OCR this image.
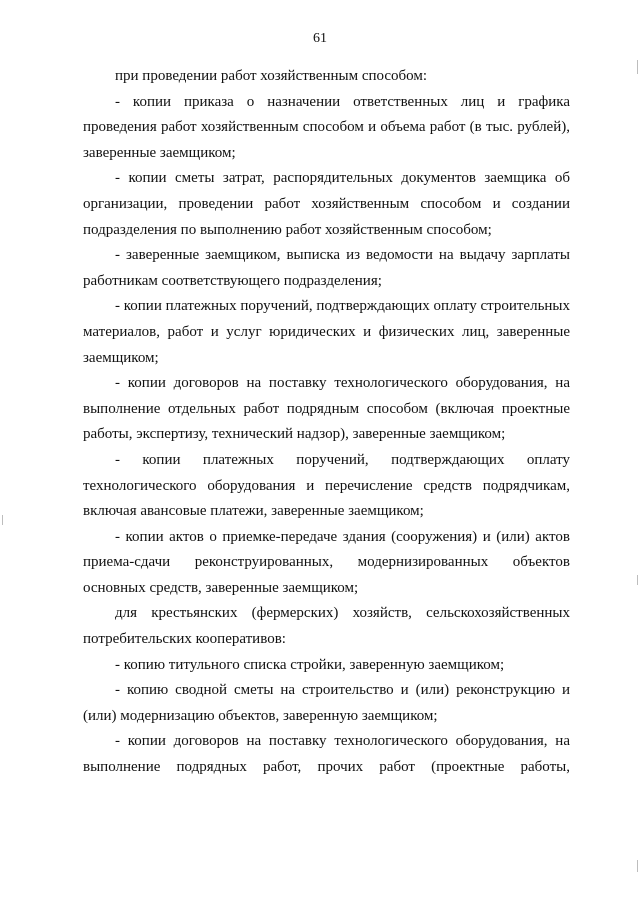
61

при проведении работ хозяйственным способом:

- копии приказа о назначении ответственных лиц и графика проведения работ хозяйственным способом и объема работ (в тыс. рублей), заверенные заемщиком;

- копии сметы затрат, распорядительных документов заемщика об организации, проведении работ хозяйственным способом и создании подразделения по выполнению работ хозяйственным способом;

- заверенные заемщиком, выписка из ведомости на выдачу зарплаты работникам соответствующего подразделения;

- копии платежных поручений, подтверждающих оплату строительных материалов, работ и услуг юридических и физических лиц, заверенные заемщиком;

- копии договоров на поставку технологического оборудования, на выполнение отдельных работ подрядным способом (включая проектные работы, экспертизу, технический надзор), заверенные заемщиком;

- копии платежных поручений, подтверждающих оплату технологического оборудования и перечисление средств подрядчикам, включая авансовые платежи, заверенные заемщиком;

- копии актов о приемке-передаче здания (сооружения) и (или) актов приема-сдачи реконструированных, модернизированных объектов основных средств, заверенные заемщиком;

для крестьянских (фермерских) хозяйств, сельскохозяйственных потребительских кооперативов:

- копию титульного списка стройки, заверенную заемщиком;

- копию сводной сметы на строительство и (или) реконструкцию и (или) модернизацию объектов, заверенную заемщиком;

- копии договоров на поставку технологического оборудования, на выполнение подрядных работ, прочих работ (проектные работы,
